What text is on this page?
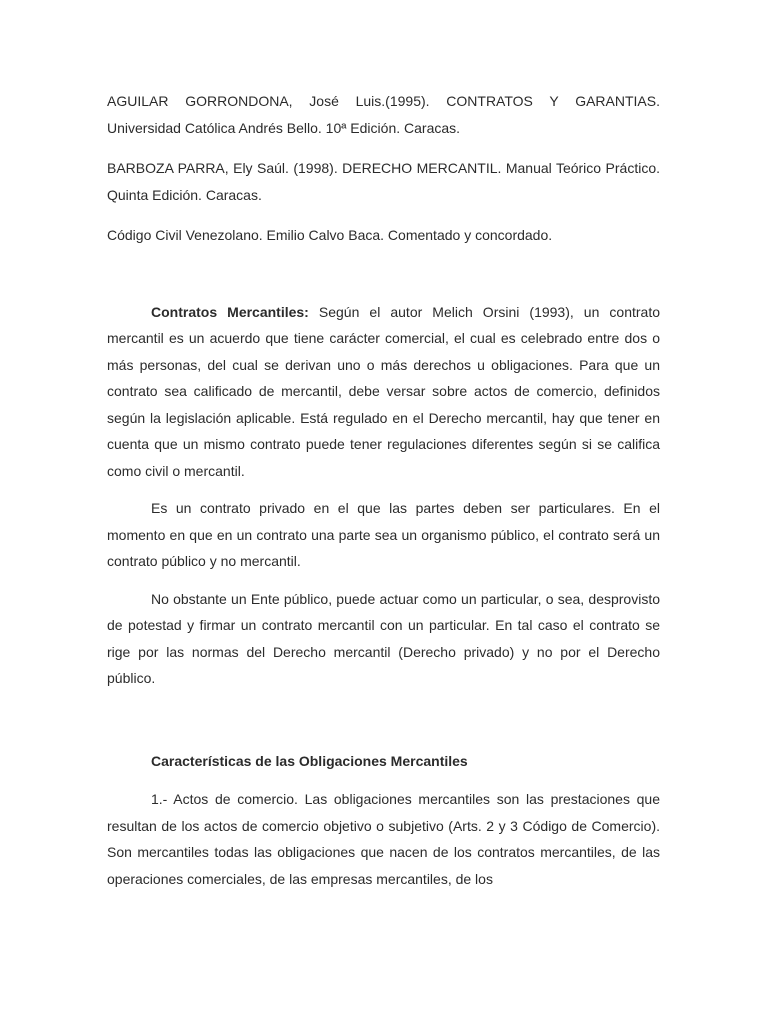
AGUILAR GORRONDONA, José Luis.(1995). CONTRATOS Y GARANTIAS. Universidad Católica Andrés Bello. 10ª Edición. Caracas.

BARBOZA PARRA, Ely Saúl. (1998). DERECHO MERCANTIL. Manual Teórico Práctico. Quinta Edición. Caracas.

Código Civil Venezolano. Emilio Calvo Baca. Comentado y concordado.

Contratos Mercantiles: Según el autor Melich Orsini (1993), un contrato mercantil es un acuerdo que tiene carácter comercial, el cual es celebrado entre dos o más personas, del cual se derivan uno o más derechos u obligaciones. Para que un contrato sea calificado de mercantil, debe versar sobre actos de comercio, definidos según la legislación aplicable. Está regulado en el Derecho mercantil, hay que tener en cuenta que un mismo contrato puede tener regulaciones diferentes según si se califica como civil o mercantil.

Es un contrato privado en el que las partes deben ser particulares. En el momento en que en un contrato una parte sea un organismo público, el contrato será un contrato público y no mercantil.

No obstante un Ente público, puede actuar como un particular, o sea, desprovisto de potestad y firmar un contrato mercantil con un particular. En tal caso el contrato se rige por las normas del Derecho mercantil (Derecho privado) y no por el Derecho público.

Características de las Obligaciones Mercantiles

1.- Actos de comercio. Las obligaciones mercantiles son las prestaciones que resultan de los actos de comercio objetivo o subjetivo (Arts. 2 y 3 Código de Comercio). Son mercantiles todas las obligaciones que nacen de los contratos mercantiles, de las operaciones comerciales, de las empresas mercantiles, de los
